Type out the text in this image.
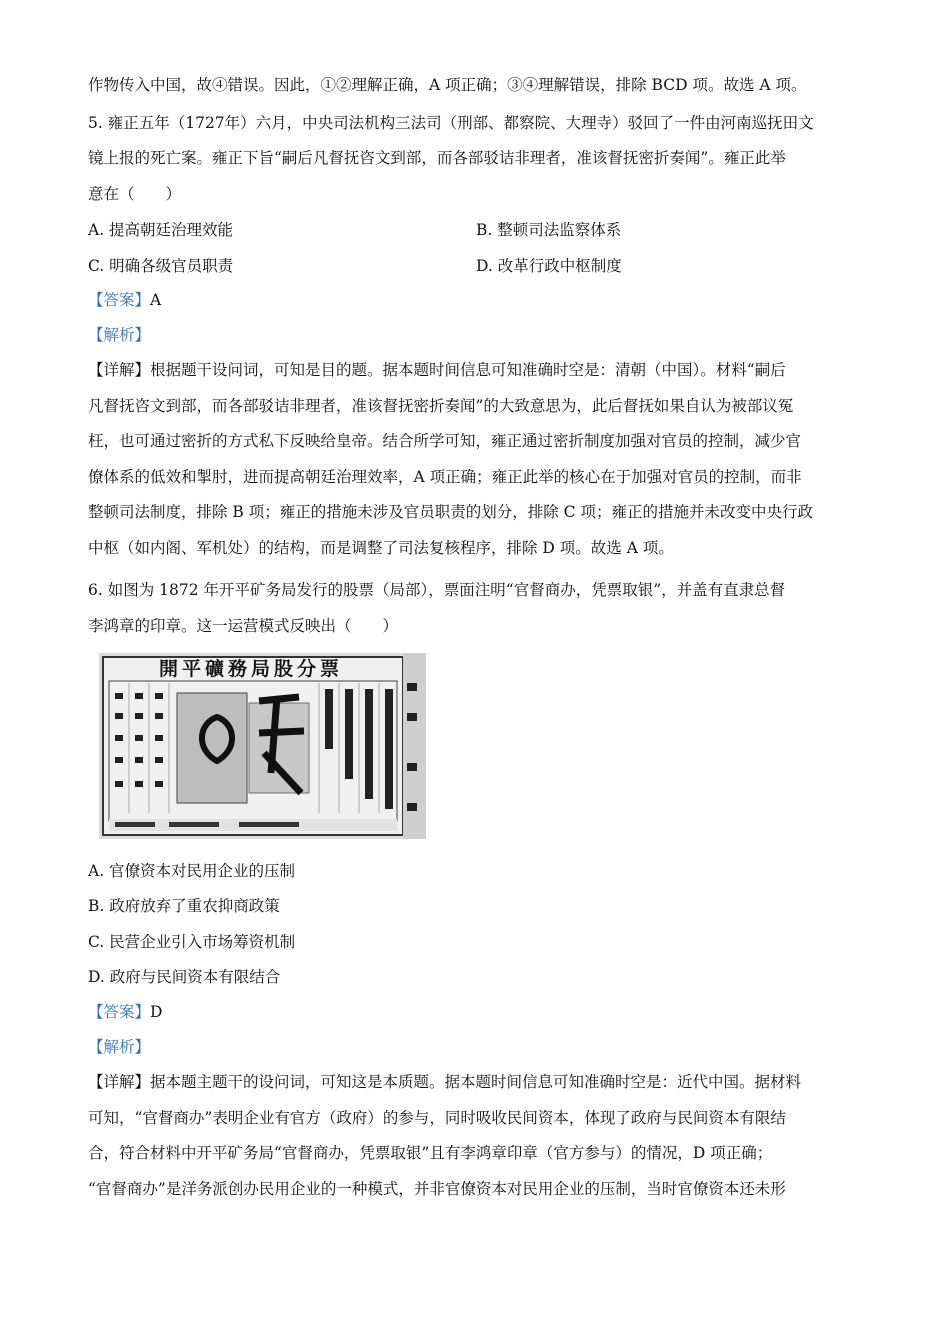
作物传入中国，故④错误。因此，①②理解正确，A 项正确；③④理解错误，排除 BCD 项。故选 A 项。
5. 雍正五年（1727年）六月，中央司法机构三法司（刑部、都察院、大理寺）驳回了一件由河南巡抚田文
镜上报的死亡案。雍正下旨“嗣后凡督抚咨文到部，而各部驳诘非理者，准该督抚密折奏闻”。雍正此举
意在（　　）
A. 提高朝廷治理效能	B. 整顿司法监察体系
C. 明确各级官员职责	D. 改革行政中枢制度
【答案】A
【解析】
【详解】根据题干设问词，可知是目的题。据本题时间信息可知准确时空是：清朝（中国）。材料“嗣后
凡督抚咨文到部，而各部驳诘非理者，准该督抚密折奏闻”的大致意思为，此后督抚如果自认为被部议冤
枉，也可通过密折的方式私下反映给皇帝。结合所学可知，雍正通过密折制度加强对官员的控制，减少官
僚体系的低效和掣肘，进而提高朝廷治理效率，A 项正确；雍正此举的核心在于加强对官员的控制，而非
整顿司法制度，排除 B 项；雍正的措施未涉及官员职责的划分，排除 C 项；雍正的措施并未改变中央行政
中枢（如内阁、军机处）的结构，而是调整了司法复核程序，排除 D 项。故选 A 项。
6. 如图为 1872 年开平矿务局发行的股票（局部），票面注明“官督商办，凭票取银”，并盖有直隶总督
李鸿章的印章。这一运营模式反映出（　　）
開平礦務局股分票
A. 官僚资本对民用企业的压制
B. 政府放弃了重农抑商政策
C. 民营企业引入市场筹资机制
D. 政府与民间资本有限结合
【答案】D
【解析】
【详解】据本题主题干的设问词，可知这是本质题。据本题时间信息可知准确时空是：近代中国。据材料
可知，“官督商办”表明企业有官方（政府）的参与，同时吸收民间资本，体现了政府与民间资本有限结
合，符合材料中开平矿务局“官督商办，凭票取银”且有李鸿章印章（官方参与）的情况，D 项正确；
“官督商办”是洋务派创办民用企业的一种模式，并非官僚资本对民用企业的压制，当时官僚资本还未形
